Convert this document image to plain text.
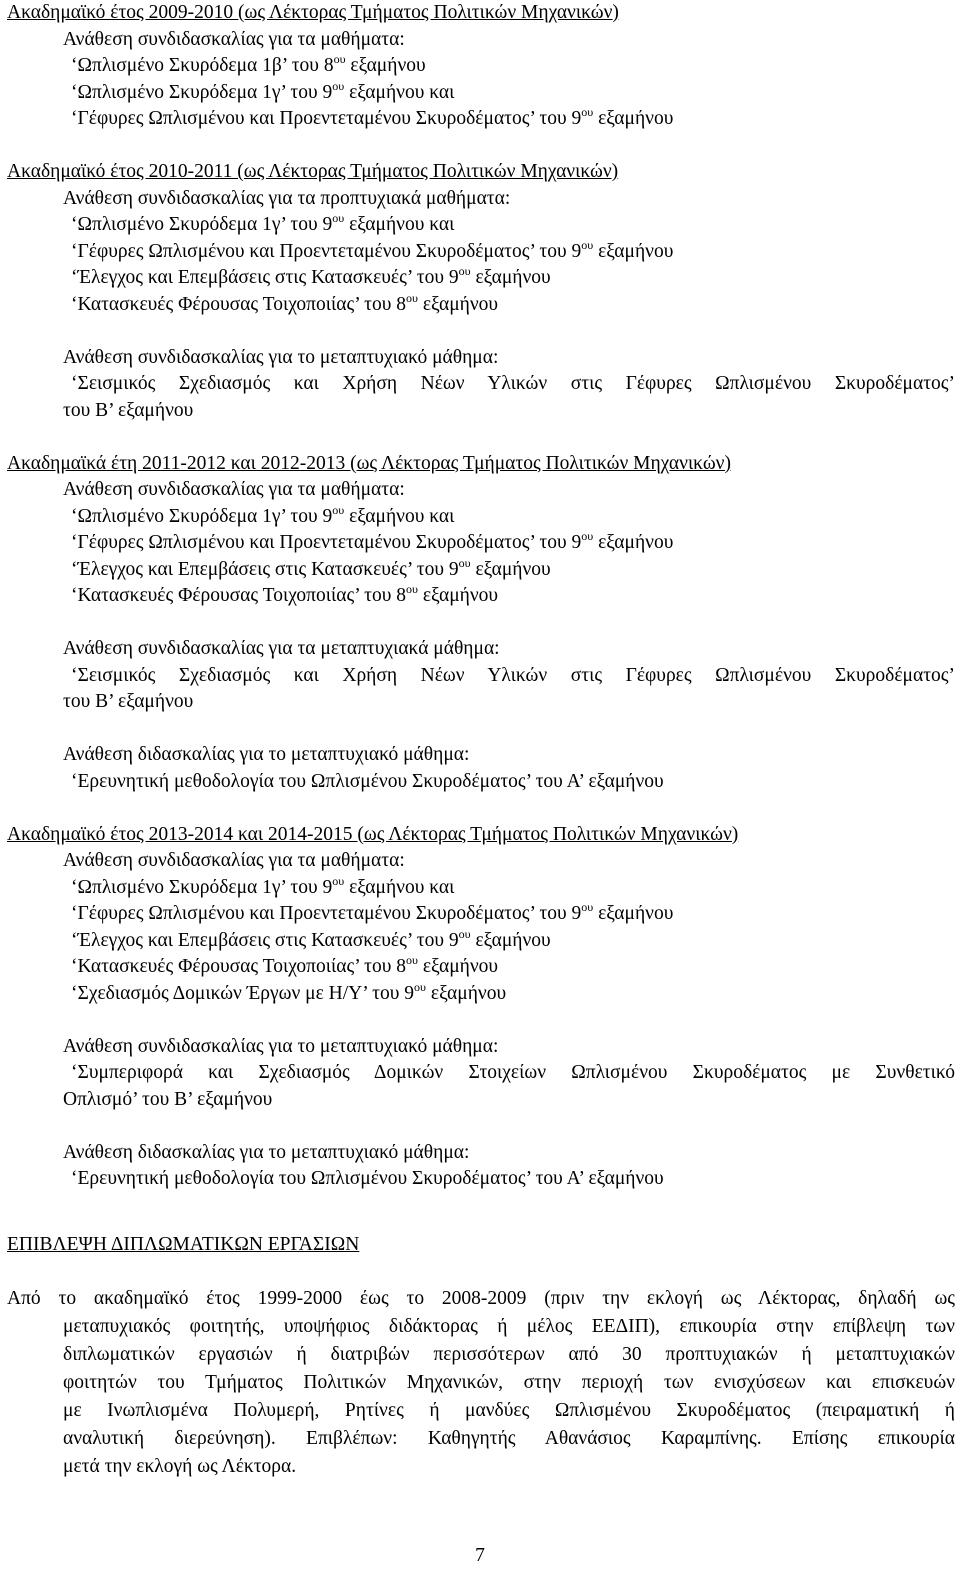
Ακαδημαϊκό έτος 2009-2010 (ως Λέκτορας Τμήματος Πολιτικών Μηχανικών)
Ανάθεση συνδιδασκαλίας για τα μαθήματα:
‘Ωπλισμένο Σκυρόδεμα 1β’ του $8^{o\upsilon}$ εξαμήνου
‘Ωπλισμένο Σκυρόδεμα 1γ’ του $9^{o\upsilon}$ εξαμήνου και
‘Γέφυρες Ωπλισμένου και Προεντεταμένου Σκυροδέματος’ του $9^{o\upsilon}$ εξαμήνου
Ακαδημαϊκό έτος 2010-2011 (ως Λέκτορας Τμήματος Πολιτικών Μηχανικών)
Ανάθεση συνδιδασκαλίας για τα προπτυχιακά μαθήματα:
‘Ωπλισμένο Σκυρόδεμα 1γ’ του $9^{o\upsilon}$ εξαμήνου και
‘Γέφυρες Ωπλισμένου και Προεντεταμένου Σκυροδέματος’ του $9^{o\upsilon}$ εξαμήνου
‘Έλεγχος και Επεμβάσεις στις Κατασκευές’ του $9^{o\upsilon}$ εξαμήνου
‘Κατασκευές Φέρουσας Τοιχοποιίας’ του $8^{o\upsilon}$ εξαμήνου
Ανάθεση συνδιδασκαλίας για το μεταπτυχιακό μάθημα:
‘Σεισμικός Σχεδιασμός και Χρήση Νέων Υλικών στις Γέφυρες Ωπλισμένου Σκυροδέματος’
του Β’ εξαμήνου
Ακαδημαϊκά έτη 2011-2012 και 2012-2013 (ως Λέκτορας Τμήματος Πολιτικών Μηχανικών)
Ανάθεση συνδιδασκαλίας για τα μαθήματα:
‘Ωπλισμένο Σκυρόδεμα 1γ’ του $9^{o\upsilon}$ εξαμήνου και
‘Γέφυρες Ωπλισμένου και Προεντεταμένου Σκυροδέματος’ του $9^{o\upsilon}$ εξαμήνου
‘Έλεγχος και Επεμβάσεις στις Κατασκευές’ του $9^{o\upsilon}$ εξαμήνου
‘Κατασκευές Φέρουσας Τοιχοποιίας’ του $8^{o\upsilon}$ εξαμήνου
Ανάθεση συνδιδασκαλίας για τα μεταπτυχιακά μάθημα:
‘Σεισμικός Σχεδιασμός και Χρήση Νέων Υλικών στις Γέφυρες Ωπλισμένου Σκυροδέματος’
του Β’ εξαμήνου
Ανάθεση διδασκαλίας για το μεταπτυχιακό μάθημα:
‘Ερευνητική μεθοδολογία του Ωπλισμένου Σκυροδέματος’ του Α’ εξαμήνου
Ακαδημαϊκό έτος 2013-2014 και 2014-2015 (ως Λέκτορας Τμήματος Πολιτικών Μηχανικών)
Ανάθεση συνδιδασκαλίας για τα μαθήματα:
‘Ωπλισμένο Σκυρόδεμα 1γ’ του $9^{o\upsilon}$ εξαμήνου και
‘Γέφυρες Ωπλισμένου και Προεντεταμένου Σκυροδέματος’ του $9^{o\upsilon}$ εξαμήνου
‘Έλεγχος και Επεμβάσεις στις Κατασκευές’ του $9^{o\upsilon}$ εξαμήνου
‘Κατασκευές Φέρουσας Τοιχοποιίας’ του $8^{o\upsilon}$ εξαμήνου
‘Σχεδιασμός Δομικών Έργων με Η/Υ’ του $9^{o\upsilon}$ εξαμήνου
Ανάθεση συνδιδασκαλίας για το μεταπτυχιακό μάθημα:
‘Συμπεριφορά και Σχεδιασμός Δομικών Στοιχείων Ωπλισμένου Σκυροδέματος με Συνθετικό
Οπλισμό’ του Β’ εξαμήνου
Ανάθεση διδασκαλίας για το μεταπτυχιακό μάθημα:
‘Ερευνητική μεθοδολογία του Ωπλισμένου Σκυροδέματος’ του Α’ εξαμήνου
ΕΠΙΒΛΕΨΗ ΔΙΠΛΩΜΑΤΙΚΩΝ ΕΡΓΑΣΙΩΝ
Από το ακαδημαϊκό έτος 1999-2000 έως το 2008-2009 (πριν την εκλογή ως Λέκτορας, δηλαδή ως
μεταπυχιακός φοιτητής, υποψήφιος διδάκτορας ή μέλος ΕΕΔΙΠ), επικουρία στην επίβλεψη των
διπλωματικών εργασιών ή διατριβών περισσότερων από 30 προπτυχιακών ή μεταπτυχιακών
φοιτητών του Τμήματος Πολιτικών Μηχανικών, στην περιοχή των ενισχύσεων και επισκευών
με Ινωπλισμένα Πολυμερή, Ρητίνες ή μανδύες Ωπλισμένου Σκυροδέματος (πειραματική ή
αναλυτική διερεύνηση). Επιβλέπων: Καθηγητής Αθανάσιος Καραμπίνης. Επίσης επικουρία
μετά την εκλογή ως Λέκτορα.
7
